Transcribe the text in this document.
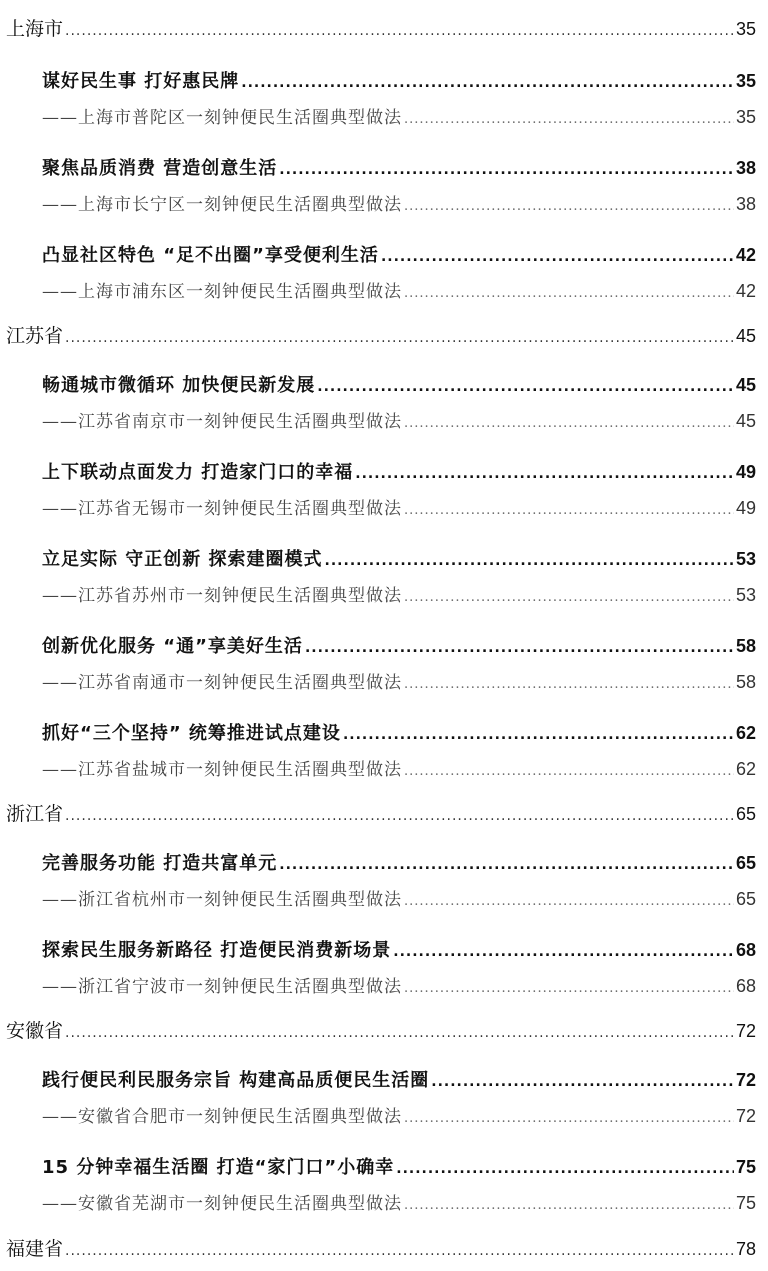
上海市 .....	35
谋好民生事 打好惠民牌 .....	35
——上海市普陀区一刻钟便民生活圈典型做法 .....	35
聚焦品质消费 营造创意生活 .....	38
——上海市长宁区一刻钟便民生活圈典型做法 .....	38
凸显社区特色 “足不出圈”享受便利生活 .....	42
——上海市浦东区一刻钟便民生活圈典型做法 .....	42
江苏省 .....	45
畅通城市微循环 加快便民新发展 .....	45
——江苏省南京市一刻钟便民生活圈典型做法 .....	45
上下联动点面发力 打造家门口的幸福 .....	49
——江苏省无锡市一刻钟便民生活圈典型做法 .....	49
立足实际 守正创新 探索建圈模式 .....	53
——江苏省苏州市一刻钟便民生活圈典型做法 .....	53
创新优化服务 “通”享美好生活 .....	58
——江苏省南通市一刻钟便民生活圈典型做法 .....	58
抓好“三个坚持” 统筹推进试点建设 .....	62
——江苏省盐城市一刻钟便民生活圈典型做法 .....	62
浙江省 .....	65
完善服务功能 打造共富单元 .....	65
——浙江省杭州市一刻钟便民生活圈典型做法 .....	65
探索民生服务新路径 打造便民消费新场景 .....	68
——浙江省宁波市一刻钟便民生活圈典型做法 .....	68
安徽省 .....	72
践行便民利民服务宗旨 构建高品质便民生活圈 .....	72
——安徽省合肥市一刻钟便民生活圈典型做法 .....	72
15 分钟幸福生活圈 打造“家门口”小确幸 .....	75
——安徽省芜湖市一刻钟便民生活圈典型做法 .....	75
福建省 .....	78
